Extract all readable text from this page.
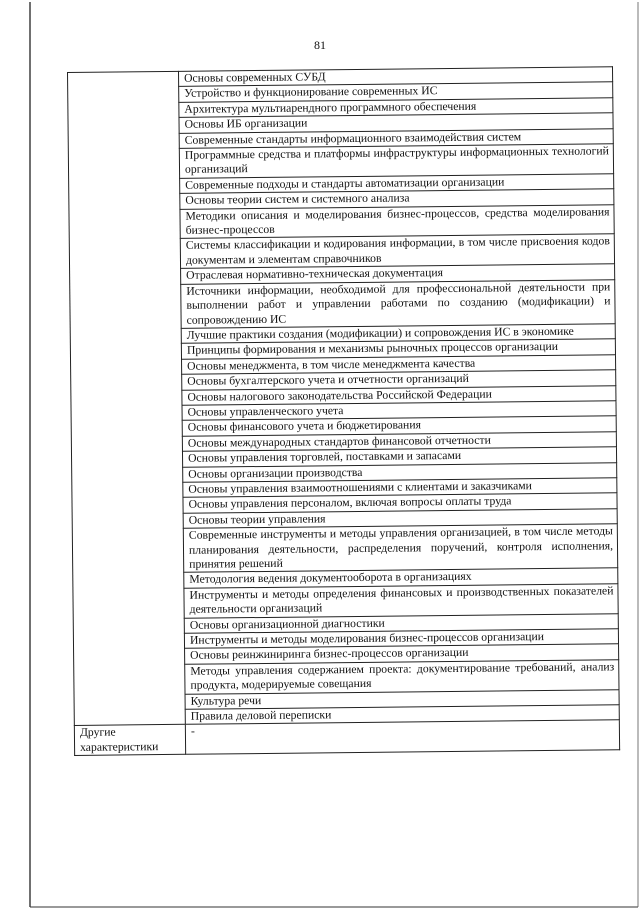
81

	Основы современных СУБД

	Устройство и функционирование современных ИС

	Архитектура мультиарендного программного обеспечения

	Основы ИБ организации

	Современные стандарты информационного взаимодействия систем

	Программные средства и платформы инфраструктуры информационных технологий организаций

	Современные подходы и стандарты автоматизации организации

	Основы теории систем и системного анализа

	Методики описания и моделирования бизнес-процессов, средства моделирования бизнес-процессов

	Системы классификации и кодирования информации, в том числе присвоения кодов документам и элементам справочников

	Отраслевая нормативно-техническая документация

	Источники информации, необходимой для профессиональной деятельности при выполнении работ и управлении работами по созданию (модификации) и сопровождению ИС

	Лучшие практики создания (модификации) и сопровождения ИС в экономике

	Принципы формирования и механизмы рыночных процессов организации

	Основы менеджмента, в том числе менеджмента качества

	Основы бухгалтерского учета и отчетности организаций

	Основы налогового законодательства Российской Федерации

	Основы управленческого учета

	Основы финансового учета и бюджетирования

	Основы международных стандартов финансовой отчетности

	Основы управления торговлей, поставками и запасами

	Основы организации производства

	Основы управления взаимоотношениями с клиентами и заказчиками

	Основы управления персоналом, включая вопросы оплаты труда

	Основы теории управления

	Современные инструменты и методы управления организацией, в том числе методы планирования деятельности, распределения поручений, контроля исполнения, принятия решений

	Методология ведения документооборота в организациях

	Инструменты и методы определения финансовых и производственных показателей деятельности организаций

	Основы организационной диагностики

	Инструменты и методы моделирования бизнес-процессов организации

	Основы реинжиниринга бизнес-процессов организации

	Методы управления содержанием проекта: документирование требований, анализ продукта, модерируемые совещания

	Культура речи

	Правила деловой переписки

Другие характеристики	-
